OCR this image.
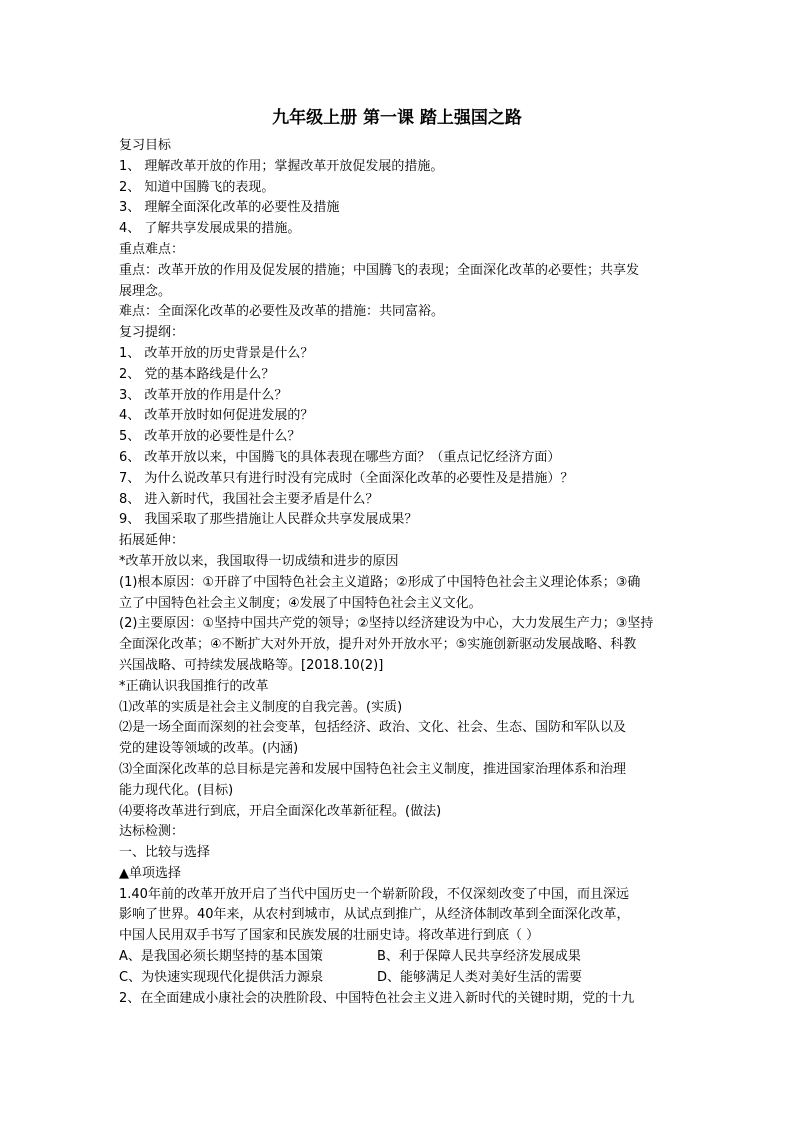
九年级上册 第一课 踏上强国之路
复习目标
1、 理解改革开放的作用；掌握改革开放促发展的措施。
2、 知道中国腾飞的表现。
3、 理解全面深化改革的必要性及措施
4、 了解共享发展成果的措施。
重点难点：
重点：改革开放的作用及促发展的措施；中国腾飞的表现；全面深化改革的必要性；共享发
展理念。
难点：全面深化改革的必要性及改革的措施：共同富裕。
复习提纲：
1、 改革开放的历史背景是什么？
2、 党的基本路线是什么？
3、 改革开放的作用是什么？
4、 改革开放时如何促进发展的？
5、 改革开放的必要性是什么？
6、 改革开放以来，中国腾飞的具体表现在哪些方面？（重点记忆经济方面）
7、 为什么说改革只有进行时没有完成时（全面深化改革的必要性及是措施）？
8、 进入新时代，我国社会主要矛盾是什么？
9、 我国采取了那些措施让人民群众共享发展成果？
拓展延伸：
*改革开放以来，我国取得一切成绩和进步的原因
(1)根本原因：①开辟了中国特色社会主义道路；②形成了中国特色社会主义理论体系；③确
立了中国特色社会主义制度；④发展了中国特色社会主义文化。
(2)主要原因：①坚持中国共产党的领导；②坚持以经济建设为中心，大力发展生产力；③坚持
全面深化改革；④不断扩大对外开放，提升对外开放水平；⑤实施创新驱动发展战略、科教
兴国战略、可持续发展战略等。[2018.10(2)]
*正确认识我国推行的改革
⑴改革的实质是社会主义制度的自我完善。(实质)
⑵是一场全面而深刻的社会变革，包括经济、政治、文化、社会、生态、国防和军队以及
党的建设等领域的改革。(内涵)
⑶全面深化改革的总目标是完善和发展中国特色社会主义制度，推进国家治理体系和治理
能力现代化。(目标)
⑷要将改革进行到底，开启全面深化改革新征程。(做法)
达标检测：
一、比较与选择
▲单项选择
1.40年前的改革开放开启了当代中国历史一个崭新阶段，不仅深刻改变了中国，而且深远
影响了世界。40年来，从农村到城市，从试点到推广，从经济体制改革到全面深化改革，
中国人民用双手书写了国家和民族发展的壮丽史诗。将改革进行到底（ ）
A、是我国必须长期坚持的基本国策	B、利于保障人民共享经济发展成果
C、为快速实现现代化提供活力源泉	D、能够满足人类对美好生活的需要
2、在全面建成小康社会的决胜阶段、中国特色社会主义进入新时代的关键时期，党的十九
